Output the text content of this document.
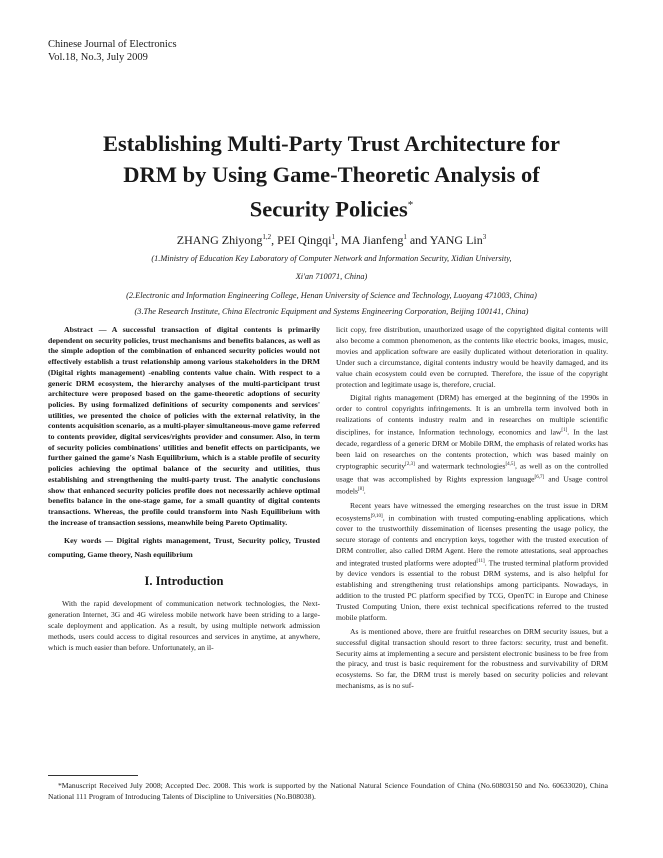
Chinese Journal of Electronics
Vol.18, No.3, July 2009
Establishing Multi-Party Trust Architecture for
DRM by Using Game-Theoretic Analysis of
Security Policies*
ZHANG Zhiyong$^{1,2}$, PEI Qingqi$^1$, MA Jianfeng$^1$ and YANG Lin$^3$
(1.Ministry of Education Key Laboratory of Computer Network and Information Security, Xidian University,
Xi'an 710071, China)
(2.Electronic and Information Engineering College, Henan University of Science and Technology, Luoyang 471003, China)
(3.The Research Institute, China Electronic Equipment and Systems Engineering Corporation, Beijing 100141, China)

Abstract — A successful transaction of digital contents is primarily dependent on security policies, trust mechanisms and benefits balances, as well as the simple adoption of the combination of enhanced security policies would not effectively establish a trust relationship among various stakeholders in the DRM (Digital rights management) -enabling contents value chain. With respect to a generic DRM ecosystem, the hierarchy analyses of the multi-participant trust architecture were proposed based on the game-theoretic adoptions of security policies. By using formalized definitions of security components and services' utilities, we presented the choice of policies with the external relativity, in the contents acquisition scenario, as a multi-player simultaneous-move game referred to contents provider, digital services/rights provider and consumer. Also, in term of security policies combinations' utilities and benefit effects on participants, we further gained the game's Nash Equilibrium, which is a stable profile of security policies achieving the optimal balance of the security and utilities, thus establishing and strengthening the multi-party trust. The analytic conclusions show that enhanced security policies profile does not necessarily achieve optimal benefits balance in the one-stage game, for a small quantity of digital contents transactions. Whereas, the profile could transform into Nash Equilibrium with the increase of transaction sessions, meanwhile being Pareto Optimality.

Key words — Digital rights management, Trust, Security policy, Trusted computing, Game theory, Nash equilibrium

I. Introduction

With the rapid development of communication network technologies, the Next-generation Internet, 3G and 4G wireless mobile network have been striding to a large-scale deployment and application. As a result, by using multiple network admission methods, users could access to digital resources and services in anytime, at anywhere, which is much easier than before. Unfortunately, an il-

licit copy, free distribution, unauthorized usage of the copyrighted digital contents will also become a common phenomenon, as the contents like electric books, images, music, movies and application software are easily duplicated without deterioration in quality. Under such a circumstance, digital contents industry would be heavily damaged, and its value chain ecosystem could even be corrupted. Therefore, the issue of the copyright protection and legitimate usage is, therefore, crucial.

Digital rights management (DRM) has emerged at the beginning of the 1990s in order to control copyrights infringements. It is an umbrella term involved both in realizations of contents industry realm and in researches on multiple scientific disciplines, for instance, Information technology, economics and law[1]. In the last decade, regardless of a generic DRM or Mobile DRM, the emphasis of related works has been laid on researches on the contents protection, which was based mainly on cryptographic security[2,3] and watermark technologies[4,5], as well as on the controlled usage that was accomplished by Rights expression language[6,7] and Usage control models[8].

Recent years have witnessed the emerging researches on the trust issue in DRM ecosystems[9,10], in combination with trusted computing-enabling applications, which cover to the trustworthily dissemination of licenses presenting the usage policy, the secure storage of contents and encryption keys, together with the trusted execution of DRM controller, also called DRM Agent. Here the remote attestations, seal approaches and integrated trusted platforms were adopted[11]. The trusted terminal platform provided by device vendors is essential to the robust DRM systems, and is also helpful for establishing and strengthening trust relationships among participants. Nowadays, in addition to the trusted PC platform specified by TCG, OpenTC in Europe and Chinese Trusted Computing Union, there exist technical specifications referred to the trusted mobile platform.

As is mentioned above, there are fruitful researches on DRM security issues, but a successful digital transaction should resort to three factors: security, trust and benefit. Security aims at implementing a secure and persistent electronic business to be free from the piracy, and trust is basic requirement for the robustness and survivability of DRM ecosystems. So far, the DRM trust is merely based on security policies and relevant mechanisms, as is no suf-

*Manuscript Received July 2008; Accepted Dec. 2008. This work is supported by the National Natural Science Foundation of China (No.60803150 and No. 60633020), China National 111 Program of Introducing Talents of Discipline to Universities (No.B08038).
